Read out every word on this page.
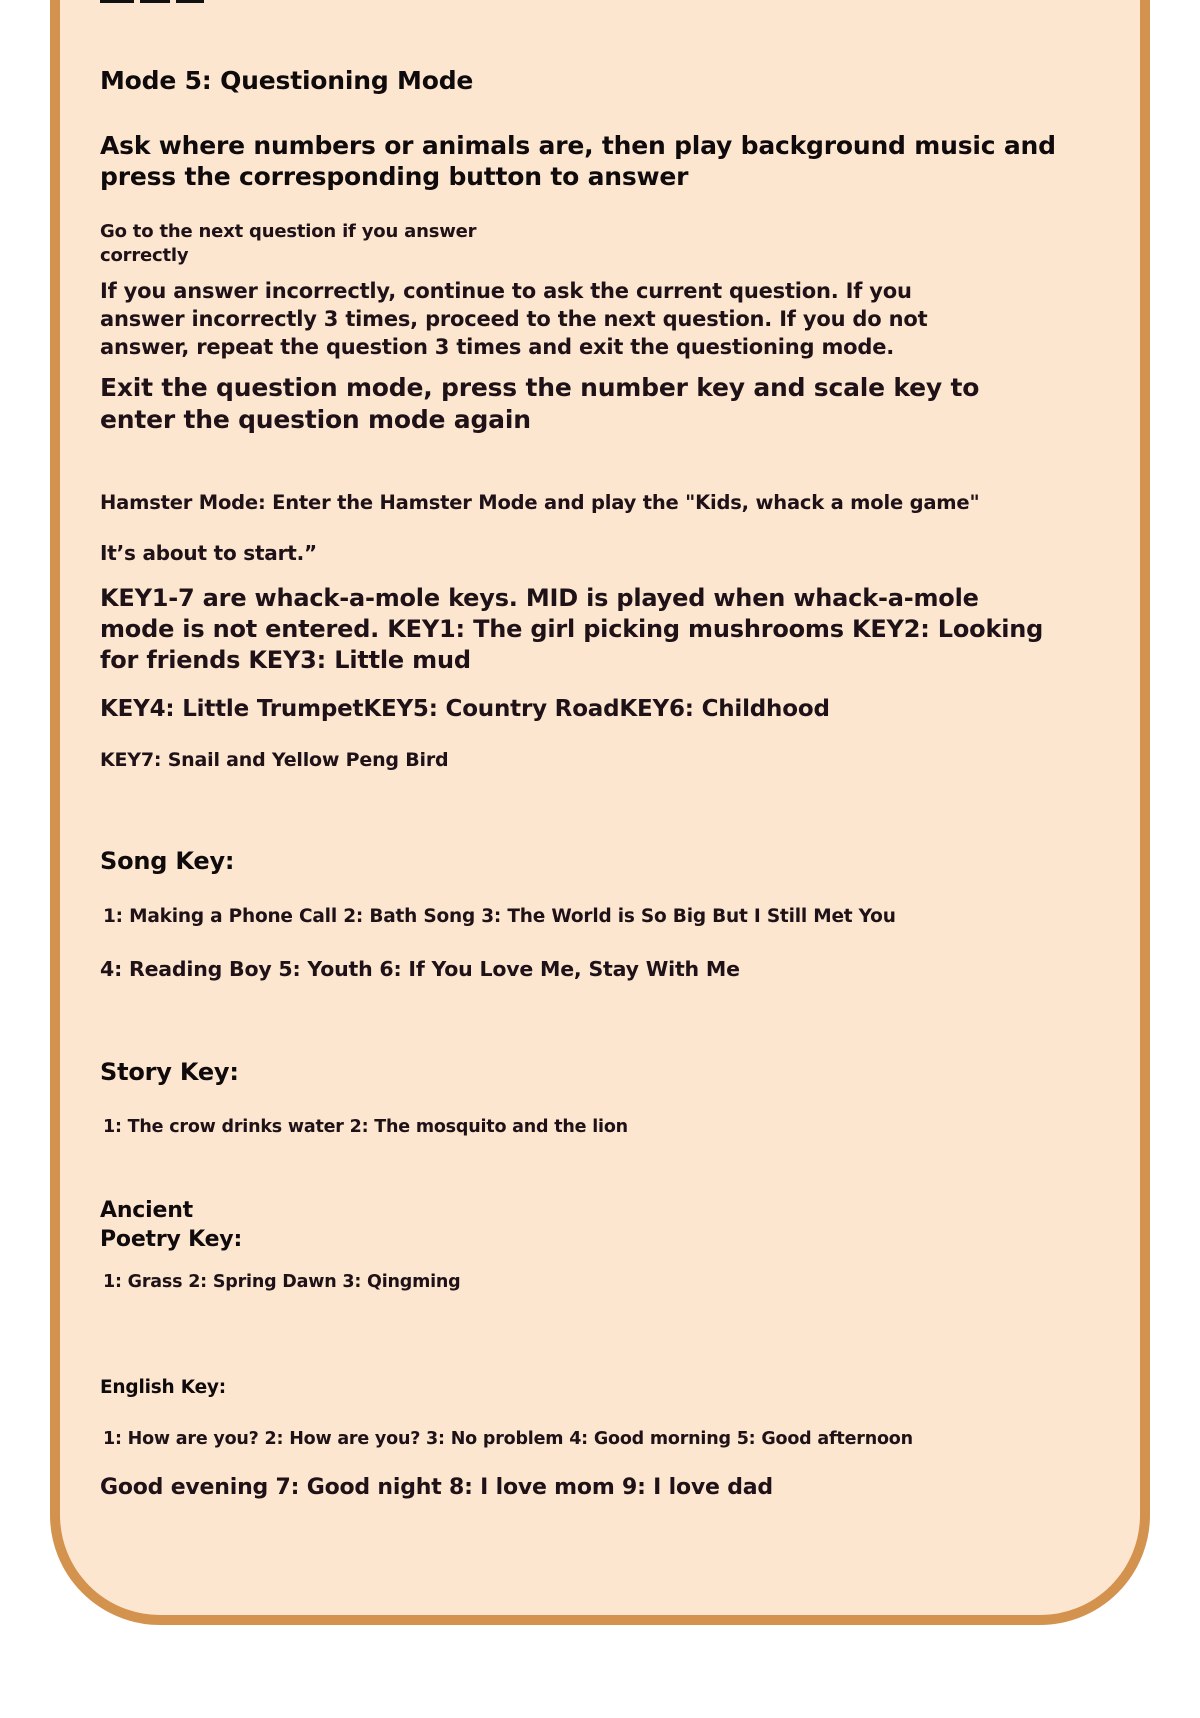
Mode 5: Questioning Mode

Ask where numbers or animals are, then play background music and

press the corresponding button to answer

Go to the next question if you answer

correctly

If you answer incorrectly, continue to ask the current question. If you

answer incorrectly 3 times, proceed to the next question. If you do not

answer, repeat the question 3 times and exit the questioning mode.

Exit the question mode, press the number key and scale key to

enter the question mode again

Hamster Mode: Enter the Hamster Mode and play the "Kids, whack a mole game"

It’s about to start.”

KEY1-7 are whack-a-mole keys. MID is played when whack-a-mole

mode is not entered. KEY1: The girl picking mushrooms KEY2: Looking

for friends KEY3: Little mud

KEY4: Little TrumpetKEY5: Country RoadKEY6: Childhood

KEY7: Snail and Yellow Peng Bird

Song Key:

1: Making a Phone Call 2: Bath Song 3: The World is So Big But I Still Met You

4: Reading Boy 5: Youth 6: If You Love Me, Stay With Me

Story Key:

1: The crow drinks water 2: The mosquito and the lion

Ancient
Poetry Key:

1: Grass 2: Spring Dawn 3: Qingming

English Key:

1: How are you? 2: How are you? 3: No problem 4: Good morning 5: Good afternoon

Good evening 7: Good night 8: I love mom 9: I love dad
